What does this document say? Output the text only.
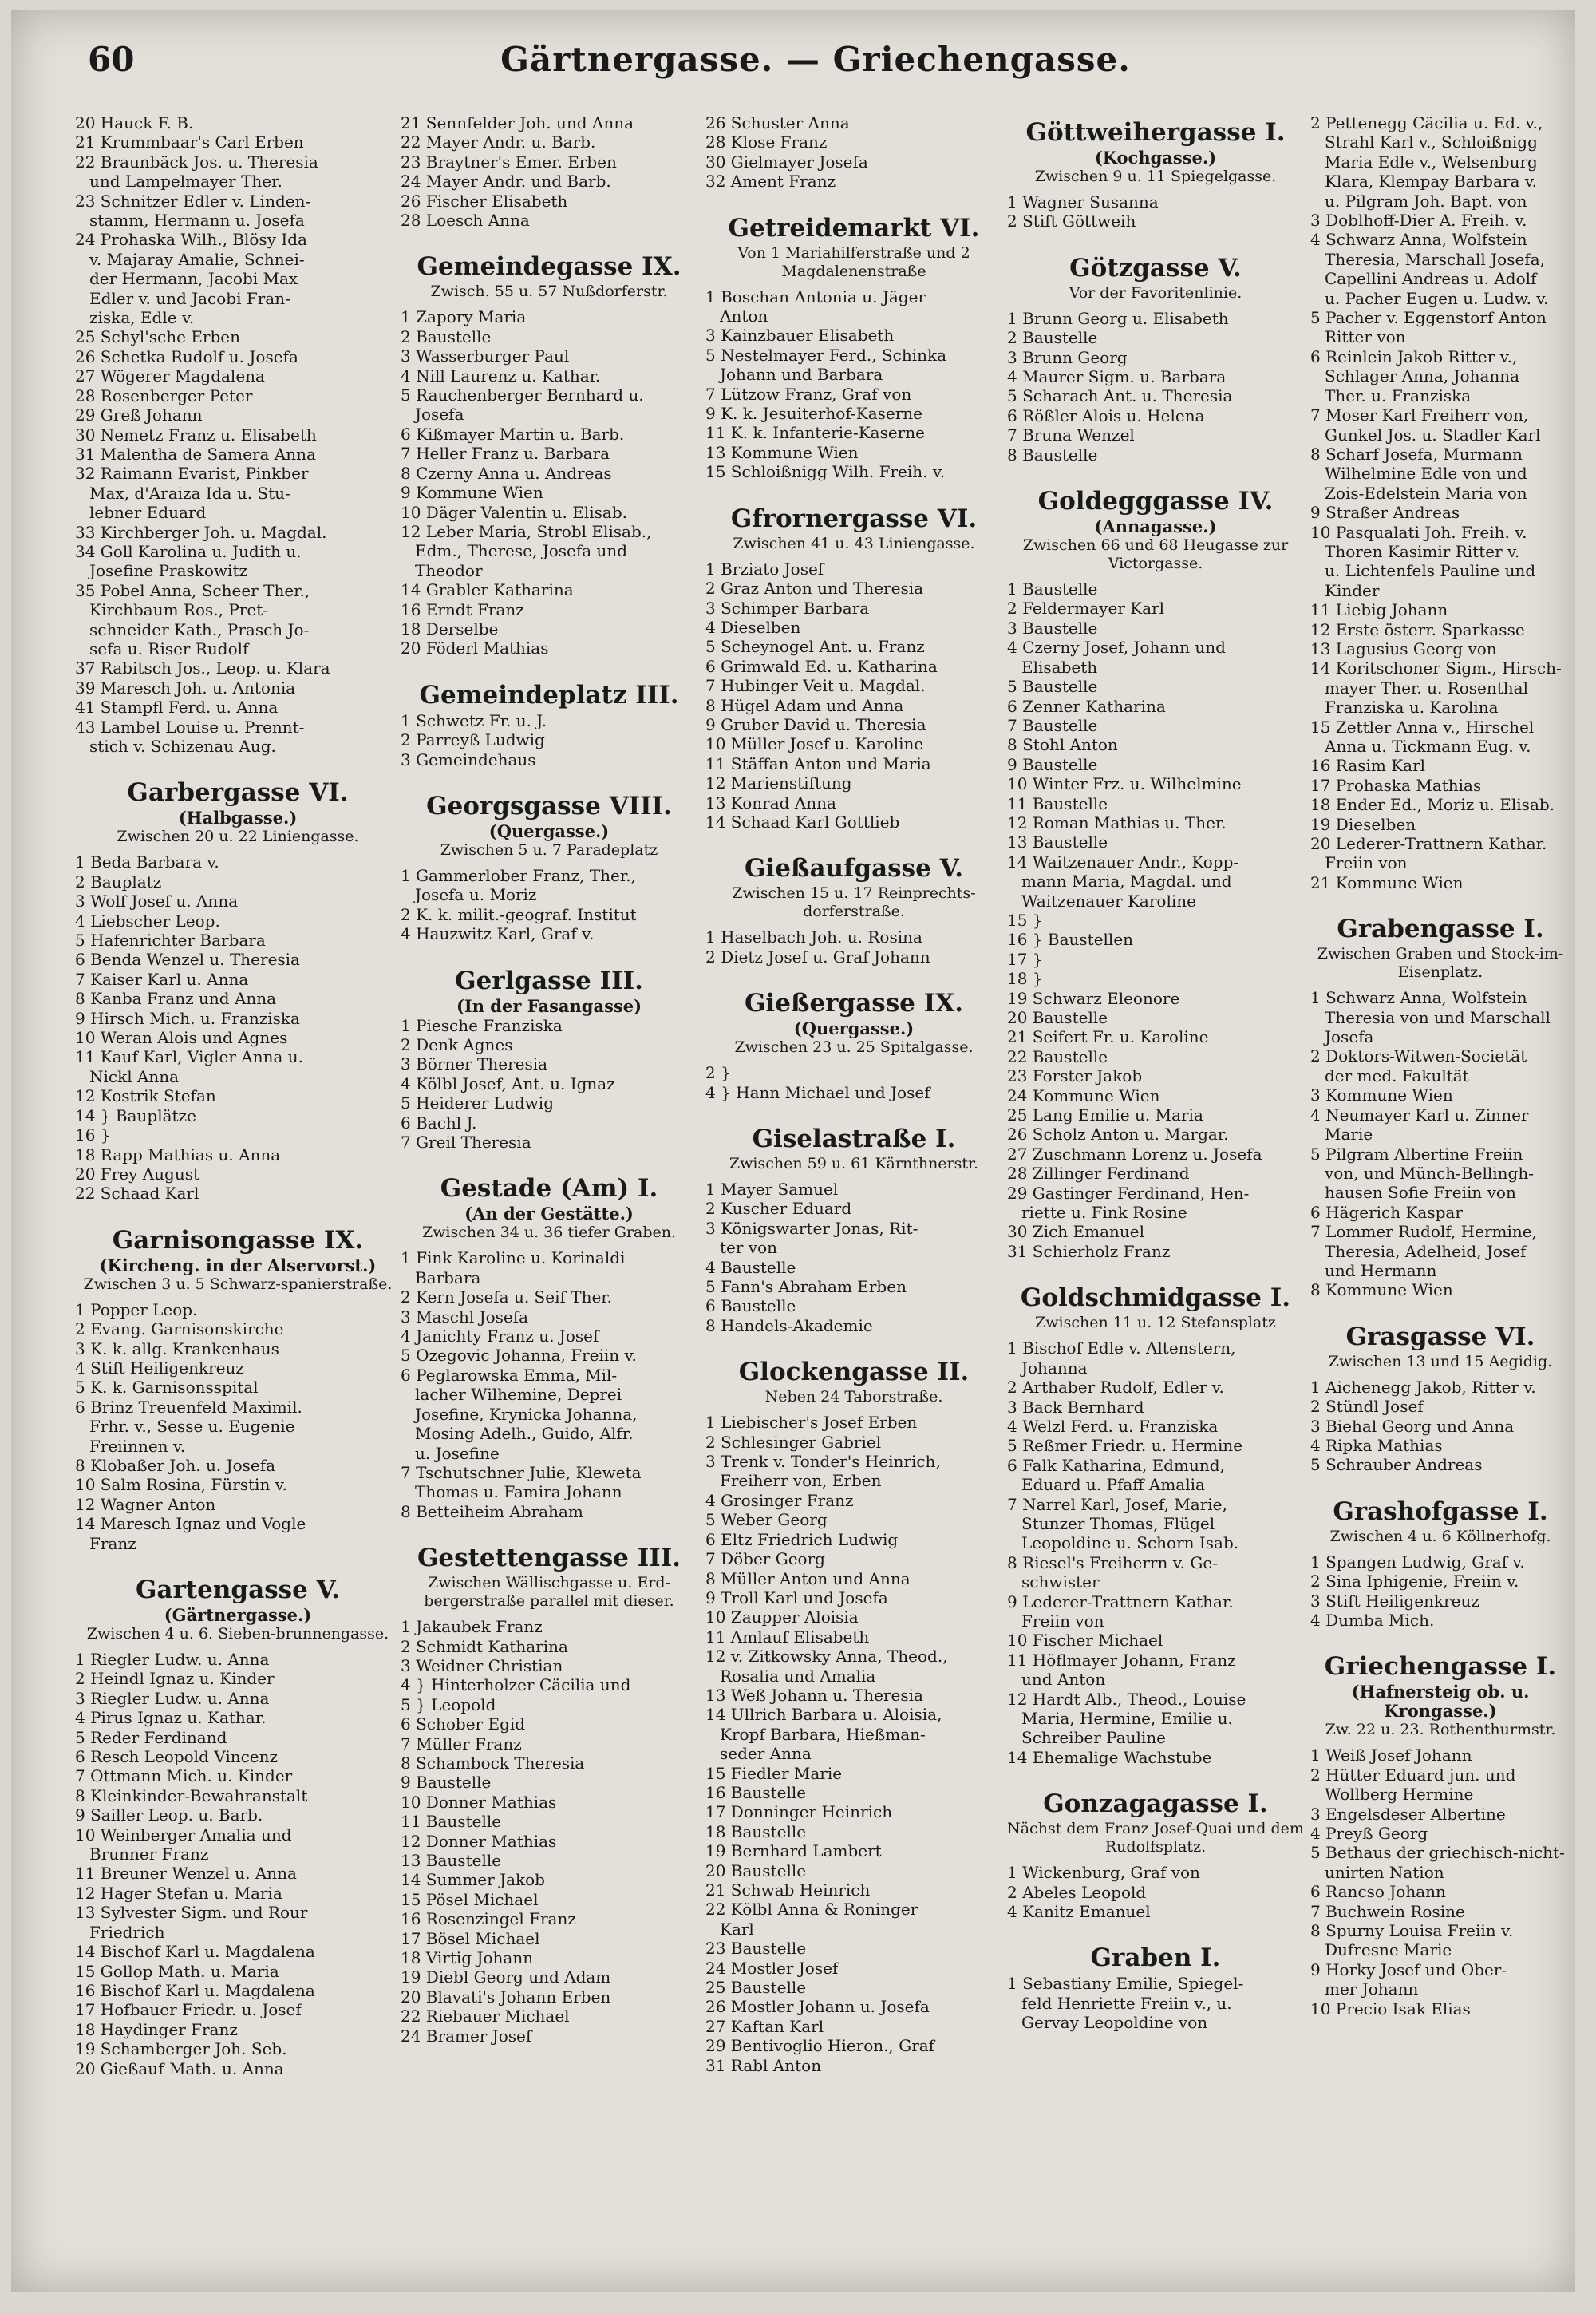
60	Gärtnergasse. — Griechengasse.
20 Hauck F. B.
21 Krummbaar's Carl Erben
22 Braunbäck Jos. u. Theresia
und Lampelmayer Ther.
23 Schnitzer Edler v. Linden-
stamm, Hermann u. Josefa
24 Prohaska Wilh., Blösy Ida
v. Majaray Amalie, Schnei-
der Hermann, Jacobi Max
Edler v. und Jacobi Fran-
ziska, Edle v.
25 Schyl'sche Erben
26 Schetka Rudolf u. Josefa
27 Wögerer Magdalena
28 Rosenberger Peter
29 Greß Johann
30 Nemetz Franz u. Elisabeth
31 Malentha de Samera Anna
32 Raimann Evarist, Pinkber
Max, d'Araiza Ida u. Stu-
lebner Eduard
33 Kirchberger Joh. u. Magdal.
34 Goll Karolina u. Judith u.
Josefine Praskowitz
35 Pobel Anna, Scheer Ther.,
Kirchbaum Ros., Pret-
schneider Kath., Prasch Jo-
sefa u. Riser Rudolf
37 Rabitsch Jos., Leop. u. Klara
39 Maresch Joh. u. Antonia
41 Stampfl Ferd. u. Anna
43 Lambel Louise u. Prennt-
stich v. Schizenau Aug.
Garbergasse VI.
(Halbgasse.)
Zwischen 20 u. 22 Liniengasse.
1 Beda Barbara v.
2 Bauplatz
3 Wolf Josef u. Anna
4 Liebscher Leop.
5 Hafenrichter Barbara
6 Benda Wenzel u. Theresia
7 Kaiser Karl u. Anna
8 Kanba Franz und Anna
9 Hirsch Mich. u. Franziska
10 Weran Alois und Agnes
11 Kauf Karl, Vigler Anna u.
Nickl Anna
12 Kostrik Stefan
14 } Bauplätze
16 }
18 Rapp Mathias u. Anna
20 Frey August
22 Schaad Karl
Garnisongasse IX.
(Kircheng. in der Alservorst.)
Zwischen 3 u. 5 Schwarz-spanierstraße.
1 Popper Leop.
2 Evang. Garnisonskirche
3 K. k. allg. Krankenhaus
4 Stift Heiligenkreuz
5 K. k. Garnisonsspital
6 Brinz Treuenfeld Maximil.
Frhr. v., Sesse u. Eugenie
Freiinnen v.
8 Klobaßer Joh. u. Josefa
10 Salm Rosina, Fürstin v.
12 Wagner Anton
14 Maresch Ignaz und Vogle
Franz
Gartengasse V.
(Gärtnergasse.)
Zwischen 4 u. 6. Sieben-brunnengasse.
1 Riegler Ludw. u. Anna
2 Heindl Ignaz u. Kinder
3 Riegler Ludw. u. Anna
4 Pirus Ignaz u. Kathar.
5 Reder Ferdinand
6 Resch Leopold Vincenz
7 Ottmann Mich. u. Kinder
8 Kleinkinder-Bewahranstalt
9 Sailler Leop. u. Barb.
10 Weinberger Amalia und
Brunner Franz
11 Breuner Wenzel u. Anna
12 Hager Stefan u. Maria
13 Sylvester Sigm. und Rour
Friedrich
14 Bischof Karl u. Magdalena
15 Gollop Math. u. Maria
16 Bischof Karl u. Magdalena
17 Hofbauer Friedr. u. Josef
18 Haydinger Franz
19 Schamberger Joh. Seb.
20 Gießauf Math. u. Anna
21 Sennfelder Joh. und Anna
22 Mayer Andr. u. Barb.
23 Braytner's Emer. Erben
24 Mayer Andr. und Barb.
26 Fischer Elisabeth
28 Loesch Anna
Gemeindegasse IX.
Zwisch. 55 u. 57 Nußdorferstr.
1 Zapory Maria
2 Baustelle
3 Wasserburger Paul
4 Nill Laurenz u. Kathar.
5 Rauchenberger Bernhard u.
Josefa
6 Kißmayer Martin u. Barb.
7 Heller Franz u. Barbara
8 Czerny Anna u. Andreas
9 Kommune Wien
10 Däger Valentin u. Elisab.
12 Leber Maria, Strobl Elisab.,
Edm., Therese, Josefa und
Theodor
14 Grabler Katharina
16 Erndt Franz
18 Derselbe
20 Föderl Mathias
Gemeindeplatz III.
1 Schwetz Fr. u. J.
2 Parreyß Ludwig
3 Gemeindehaus
Georgsgasse VIII.
(Quergasse.)
Zwischen 5 u. 7 Paradeplatz
1 Gammerlober Franz, Ther.,
Josefa u. Moriz
2 K. k. milit.-geograf. Institut
4 Hauzwitz Karl, Graf v.
Gerlgasse III.
(In der Fasangasse)
1 Piesche Franziska
2 Denk Agnes
3 Börner Theresia
4 Kölbl Josef, Ant. u. Ignaz
5 Heiderer Ludwig
6 Bachl J.
7 Greil Theresia
Gestade (Am) I.
(An der Gestätte.)
Zwischen 34 u. 36 tiefer Graben.
1 Fink Karoline u. Korinaldi
Barbara
2 Kern Josefa u. Seif Ther.
3 Maschl Josefa
4 Janichty Franz u. Josef
5 Ozegovic Johanna, Freiin v.
6 Peglarowska Emma, Mil-
lacher Wilhemine, Deprei
Josefine, Krynicka Johanna,
Mosing Adelh., Guido, Alfr.
u. Josefine
7 Tschutschner Julie, Kleweta
Thomas u. Famira Johann
8 Betteiheim Abraham
Gestettengasse III.
Zwischen Wällischgasse u. Erd-bergerstraße parallel mit dieser.
1 Jakaubek Franz
2 Schmidt Katharina
3 Weidner Christian
4 } Hinterholzer Cäcilia und
5 } Leopold
6 Schober Egid
7 Müller Franz
8 Schambock Theresia
9 Baustelle
10 Donner Mathias
11 Baustelle
12 Donner Mathias
13 Baustelle
14 Summer Jakob
15 Pösel Michael
16 Rosenzingel Franz
17 Bösel Michael
18 Virtig Johann
19 Diebl Georg und Adam
20 Blavati's Johann Erben
22 Riebauer Michael
24 Bramer Josef
26 Schuster Anna
28 Klose Franz
30 Gielmayer Josefa
32 Ament Franz
Getreidemarkt VI.
Von 1 Mariahilferstraße und 2 Magdalenenstraße
1 Boschan Antonia u. Jäger
Anton
3 Kainzbauer Elisabeth
5 Nestelmayer Ferd., Schinka
Johann und Barbara
7 Lützow Franz, Graf von
9 K. k. Jesuiterhof-Kaserne
11 K. k. Infanterie-Kaserne
13 Kommune Wien
15 Schloißnigg Wilh. Freih. v.
Gfrornergasse VI.
Zwischen 41 u. 43 Liniengasse.
1 Brziato Josef
2 Graz Anton und Theresia
3 Schimper Barbara
4 Dieselben
5 Scheynogel Ant. u. Franz
6 Grimwald Ed. u. Katharina
7 Hubinger Veit u. Magdal.
8 Hügel Adam und Anna
9 Gruber David u. Theresia
10 Müller Josef u. Karoline
11 Stäffan Anton und Maria
12 Marienstiftung
13 Konrad Anna
14 Schaad Karl Gottlieb
Gießaufgasse V.
Zwischen 15 u. 17 Reinprechts-dorferstraße.
1 Haselbach Joh. u. Rosina
2 Dietz Josef u. Graf Johann
Gießergasse IX.
(Quergasse.)
Zwischen 23 u. 25 Spitalgasse.
2 }
4 } Hann Michael und Josef
Giselastraße I.
Zwischen 59 u. 61 Kärnthnerstr.
1 Mayer Samuel
2 Kuscher Eduard
3 Königswarter Jonas, Rit-
ter von
4 Baustelle
5 Fann's Abraham Erben
6 Baustelle
8 Handels-Akademie
Glockengasse II.
Neben 24 Taborstraße.
1 Liebischer's Josef Erben
2 Schlesinger Gabriel
3 Trenk v. Tonder's Heinrich,
Freiherr von, Erben
4 Grosinger Franz
5 Weber Georg
6 Eltz Friedrich Ludwig
7 Döber Georg
8 Müller Anton und Anna
9 Troll Karl und Josefa
10 Zaupper Aloisia
11 Amlauf Elisabeth
12 v. Zitkowsky Anna, Theod.,
Rosalia und Amalia
13 Weß Johann u. Theresia
14 Ullrich Barbara u. Aloisia,
Kropf Barbara, Hießman-
seder Anna
15 Fiedler Marie
16 Baustelle
17 Donninger Heinrich
18 Baustelle
19 Bernhard Lambert
20 Baustelle
21 Schwab Heinrich
22 Kölbl Anna & Roninger
Karl
23 Baustelle
24 Mostler Josef
25 Baustelle
26 Mostler Johann u. Josefa
27 Kaftan Karl
29 Bentivoglio Hieron., Graf
31 Rabl Anton
Göttweihergasse I.
(Kochgasse.)
Zwischen 9 u. 11 Spiegelgasse.
1 Wagner Susanna
2 Stift Göttweih
Götzgasse V.
Vor der Favoritenlinie.
1 Brunn Georg u. Elisabeth
2 Baustelle
3 Brunn Georg
4 Maurer Sigm. u. Barbara
5 Scharach Ant. u. Theresia
6 Rößler Alois u. Helena
7 Bruna Wenzel
8 Baustelle
Goldegggasse IV.
(Annagasse.)
Zwischen 66 und 68 Heugasse zur Victorgasse.
1 Baustelle
2 Feldermayer Karl
3 Baustelle
4 Czerny Josef, Johann und
Elisabeth
5 Baustelle
6 Zenner Katharina
7 Baustelle
8 Stohl Anton
9 Baustelle
10 Winter Frz. u. Wilhelmine
11 Baustelle
12 Roman Mathias u. Ther.
13 Baustelle
14 Waitzenauer Andr., Kopp-
mann Maria, Magdal. und
Waitzenauer Karoline
15 }
16 } Baustellen
17 }
18 }
19 Schwarz Eleonore
20 Baustelle
21 Seifert Fr. u. Karoline
22 Baustelle
23 Forster Jakob
24 Kommune Wien
25 Lang Emilie u. Maria
26 Scholz Anton u. Margar.
27 Zuschmann Lorenz u. Josefa
28 Zillinger Ferdinand
29 Gastinger Ferdinand, Hen-
riette u. Fink Rosine
30 Zich Emanuel
31 Schierholz Franz
Goldschmidgasse I.
Zwischen 11 u. 12 Stefansplatz
1 Bischof Edle v. Altenstern,
Johanna
2 Arthaber Rudolf, Edler v.
3 Back Bernhard
4 Welzl Ferd. u. Franziska
5 Reßmer Friedr. u. Hermine
6 Falk Katharina, Edmund,
Eduard u. Pfaff Amalia
7 Narrel Karl, Josef, Marie,
Stunzer Thomas, Flügel
Leopoldine u. Schorn Isab.
8 Riesel's Freiherrn v. Ge-
schwister
9 Lederer-Trattnern Kathar.
Freiin von
10 Fischer Michael
11 Höflmayer Johann, Franz
und Anton
12 Hardt Alb., Theod., Louise
Maria, Hermine, Emilie u.
Schreiber Pauline
14 Ehemalige Wachstube
Gonzagagasse I.
Nächst dem Franz Josef-Quai und dem Rudolfsplatz.
1 Wickenburg, Graf von
2 Abeles Leopold
4 Kanitz Emanuel
Graben I.
1 Sebastiany Emilie, Spiegel-
feld Henriette Freiin v., u.
Gervay Leopoldine von
2 Pettenegg Cäcilia u. Ed. v.,
Strahl Karl v., Schloißnigg
Maria Edle v., Welsenburg
Klara, Klempay Barbara v.
u. Pilgram Joh. Bapt. von
3 Doblhoff-Dier A. Freih. v.
4 Schwarz Anna, Wolfstein
Theresia, Marschall Josefa,
Capellini Andreas u. Adolf
u. Pacher Eugen u. Ludw. v.
5 Pacher v. Eggenstorf Anton
Ritter von
6 Reinlein Jakob Ritter v.,
Schlager Anna, Johanna
Ther. u. Franziska
7 Moser Karl Freiherr von,
Gunkel Jos. u. Stadler Karl
8 Scharf Josefa, Murmann
Wilhelmine Edle von und
Zois-Edelstein Maria von
9 Straßer Andreas
10 Pasqualati Joh. Freih. v.
Thoren Kasimir Ritter v.
u. Lichtenfels Pauline und
Kinder
11 Liebig Johann
12 Erste österr. Sparkasse
13 Lagusius Georg von
14 Koritschoner Sigm., Hirsch-
mayer Ther. u. Rosenthal
Franziska u. Karolina
15 Zettler Anna v., Hirschel
Anna u. Tickmann Eug. v.
16 Rasim Karl
17 Prohaska Mathias
18 Ender Ed., Moriz u. Elisab.
19 Dieselben
20 Lederer-Trattnern Kathar.
Freiin von
21 Kommune Wien
Grabengasse I.
Zwischen Graben und Stock-im-Eisenplatz.
1 Schwarz Anna, Wolfstein
Theresia von und Marschall
Josefa
2 Doktors-Witwen-Societät
der med. Fakultät
3 Kommune Wien
4 Neumayer Karl u. Zinner
Marie
5 Pilgram Albertine Freiin
von, und Münch-Bellingh-
hausen Sofie Freiin von
6 Hägerich Kaspar
7 Lommer Rudolf, Hermine,
Theresia, Adelheid, Josef
und Hermann
8 Kommune Wien
Grasgasse VI.
Zwischen 13 und 15 Aegidig.
1 Aichenegg Jakob, Ritter v.
2 Stündl Josef
3 Biehal Georg und Anna
4 Ripka Mathias
5 Schrauber Andreas
Grashofgasse I.
Zwischen 4 u. 6 Köllnerhofg.
1 Spangen Ludwig, Graf v.
2 Sina Iphigenie, Freiin v.
3 Stift Heiligenkreuz
4 Dumba Mich.
Griechengasse I.
(Hafnersteig ob. u. Krongasse.)
Zw. 22 u. 23. Rothenthurmstr.
1 Weiß Josef Johann
2 Hütter Eduard jun. und
Wollberg Hermine
3 Engelsdeser Albertine
4 Preyß Georg
5 Bethaus der griechisch-nicht-
unirten Nation
6 Rancso Johann
7 Buchwein Rosine
8 Spurny Louisa Freiin v.
Dufresne Marie
9 Horky Josef und Ober-
mer Johann
10 Precio Isak Elias
